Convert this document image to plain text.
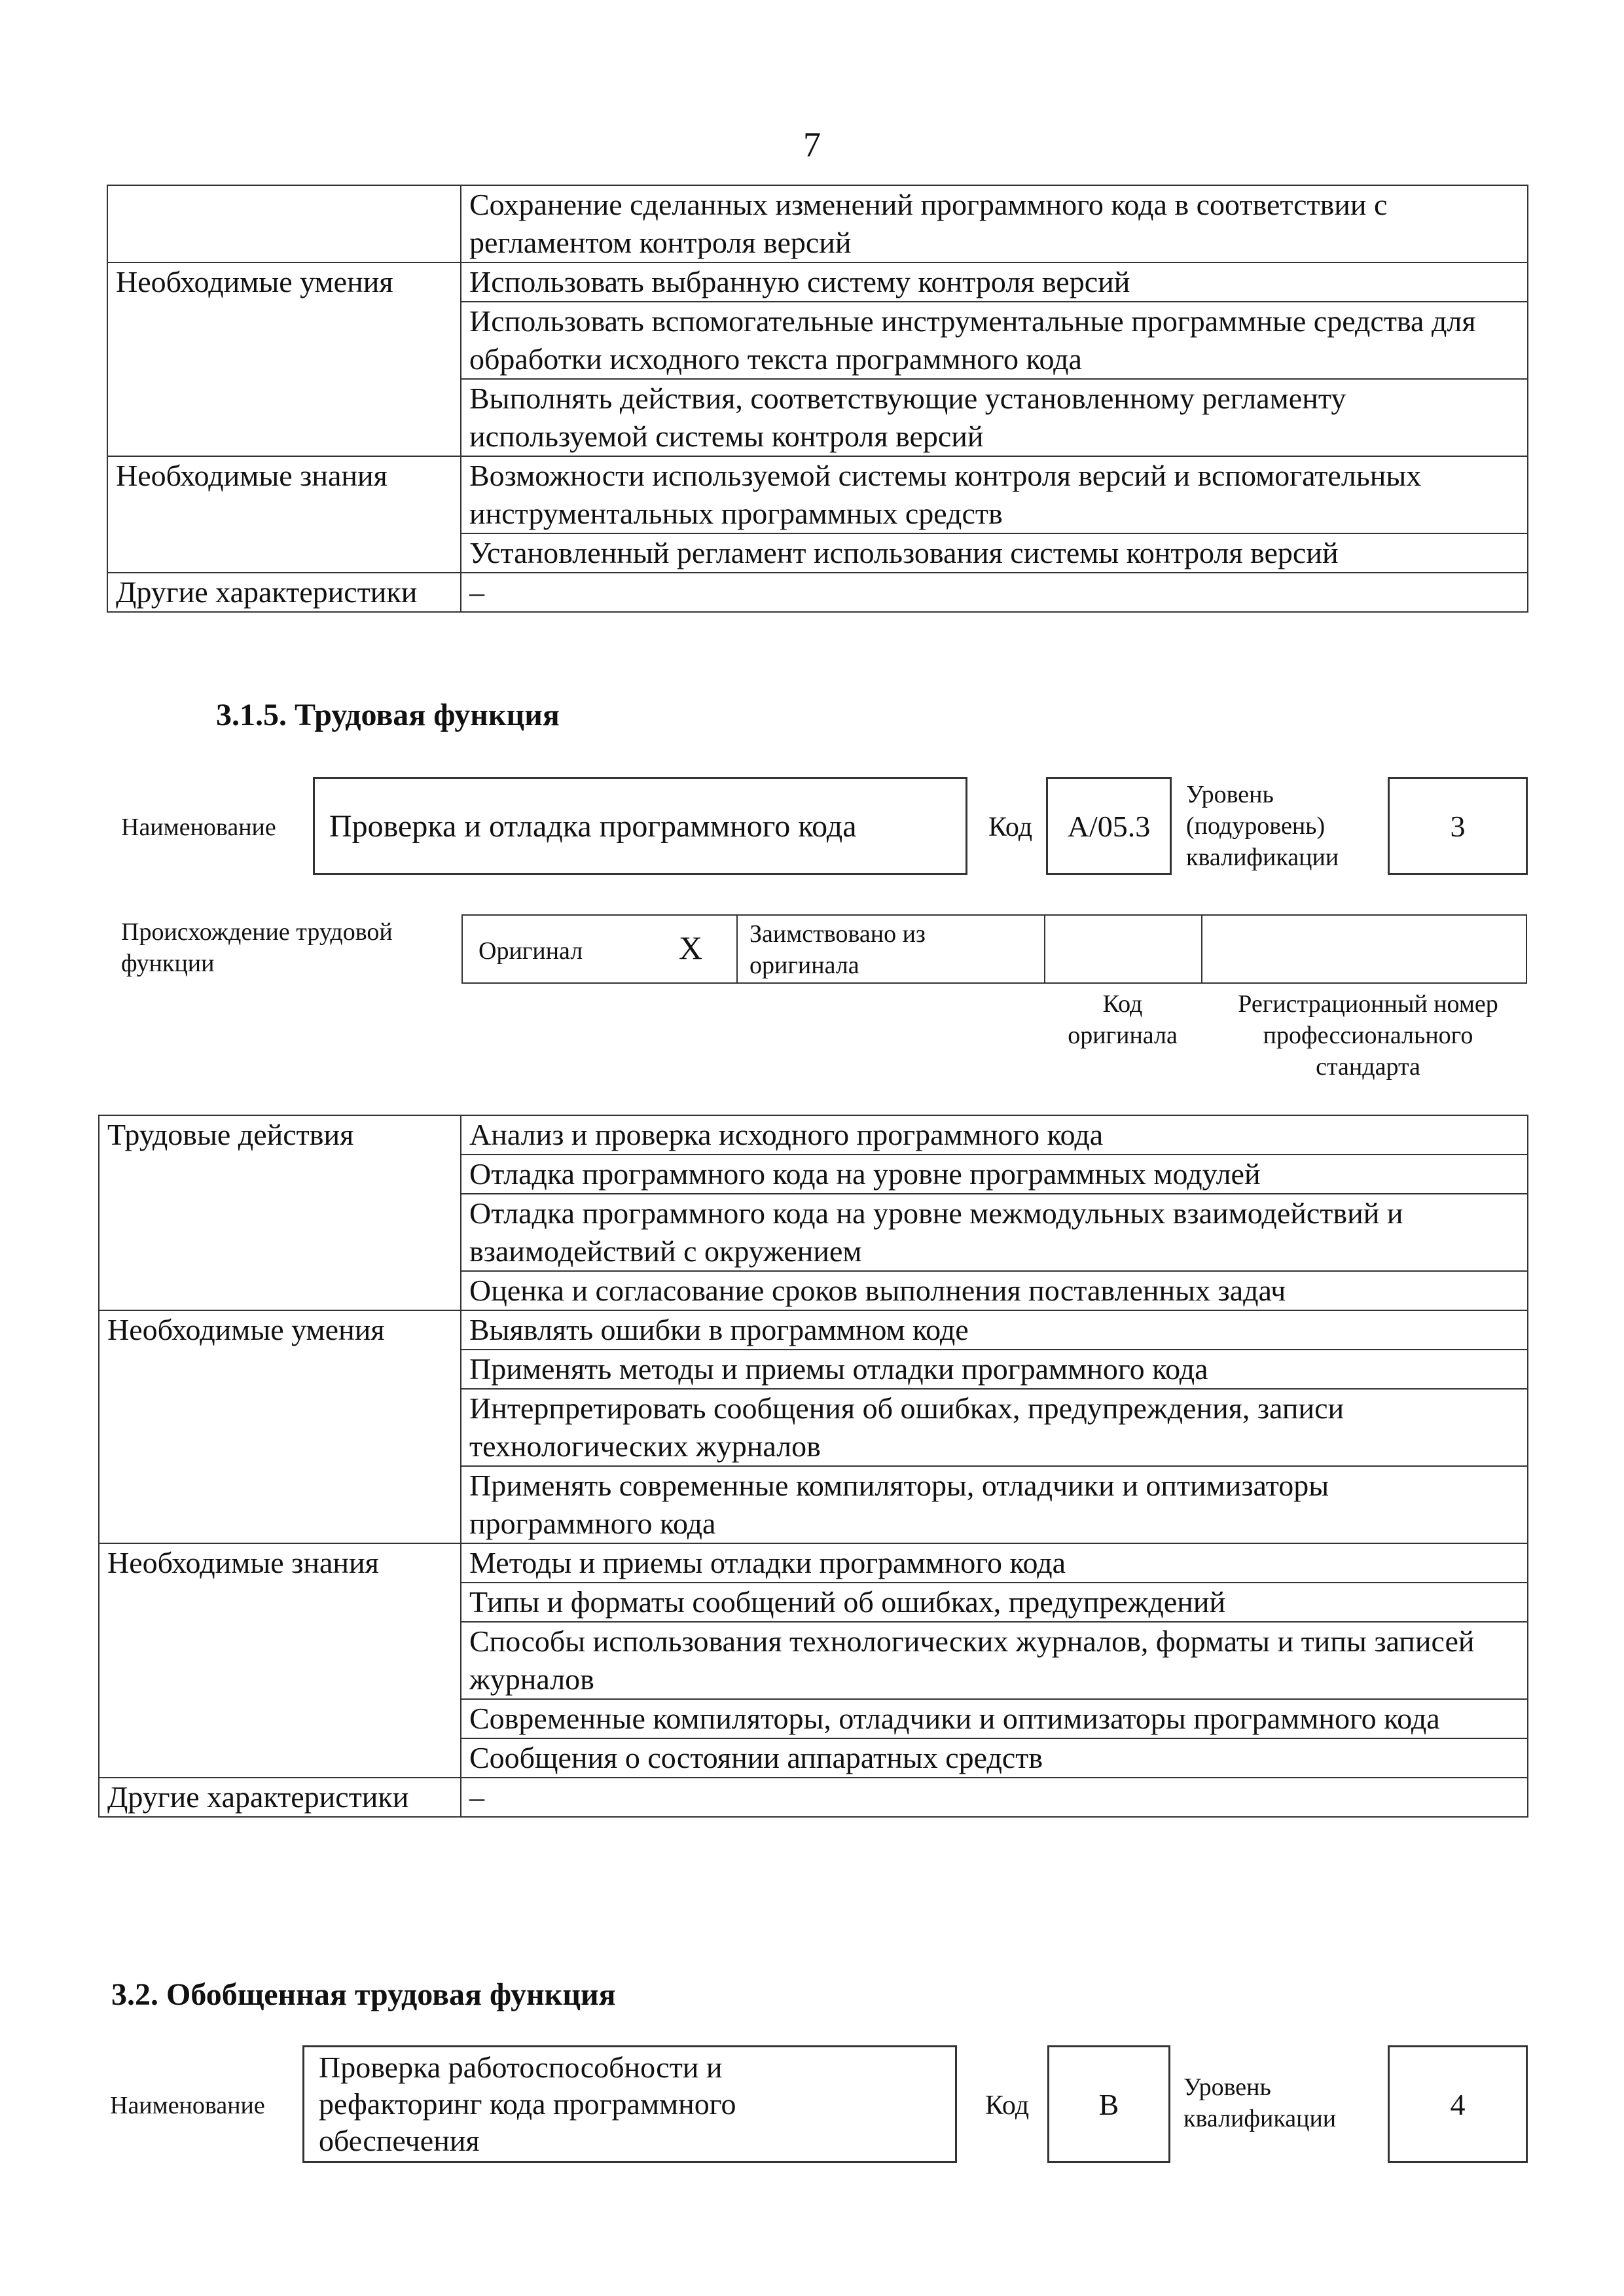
7
	Сохранение сделанных изменений программного кода в соответствии с регламентом контроля версий
Необходимые умения	Использовать выбранную систему контроля версий
	Использовать вспомогательные инструментальные программные средства для обработки исходного текста программного кода
	Выполнять действия, соответствующие установленному регламенту используемой системы контроля версий
Необходимые знания	Возможности используемой системы контроля версий и вспомогательных инструментальных программных средств
	Установленный регламент использования системы контроля версий
Другие характеристики	–
3.1.5. Трудовая функция
Наименование Проверка и отладка программного кода	Код A/05.3
Уровень (подуровень) квалификации
3
Происхождение трудовой функции	Оригинал	X Заимствовано из оригинала
Код оригинала
Регистрационный номер профессионального стандарта
Трудовые действия	Анализ и проверка исходного программного кода
	Отладка программного кода на уровне программных модулей
	Отладка программного кода на уровне межмодульных взаимодействий и взаимодействий с окружением
	Оценка и согласование сроков выполнения поставленных задач
Необходимые умения	Выявлять ошибки в программном коде
	Применять методы и приемы отладки программного кода
	Интерпретировать сообщения об ошибках, предупреждения, записи технологических журналов
	Применять современные компиляторы, отладчики и оптимизаторы программного кода
Необходимые знания	Методы и приемы отладки программного кода
	Типы и форматы сообщений об ошибках, предупреждений
	Способы использования технологических журналов, форматы и типы записей журналов
	Современные компиляторы, отладчики и оптимизаторы программного кода
	Сообщения о состоянии аппаратных средств
Другие характеристики	–
3.2. Обобщенная трудовая функция
Наименование
Проверка работоспособности и рефакторинг кода программного обеспечения
Код B
Уровень квалификации	4
